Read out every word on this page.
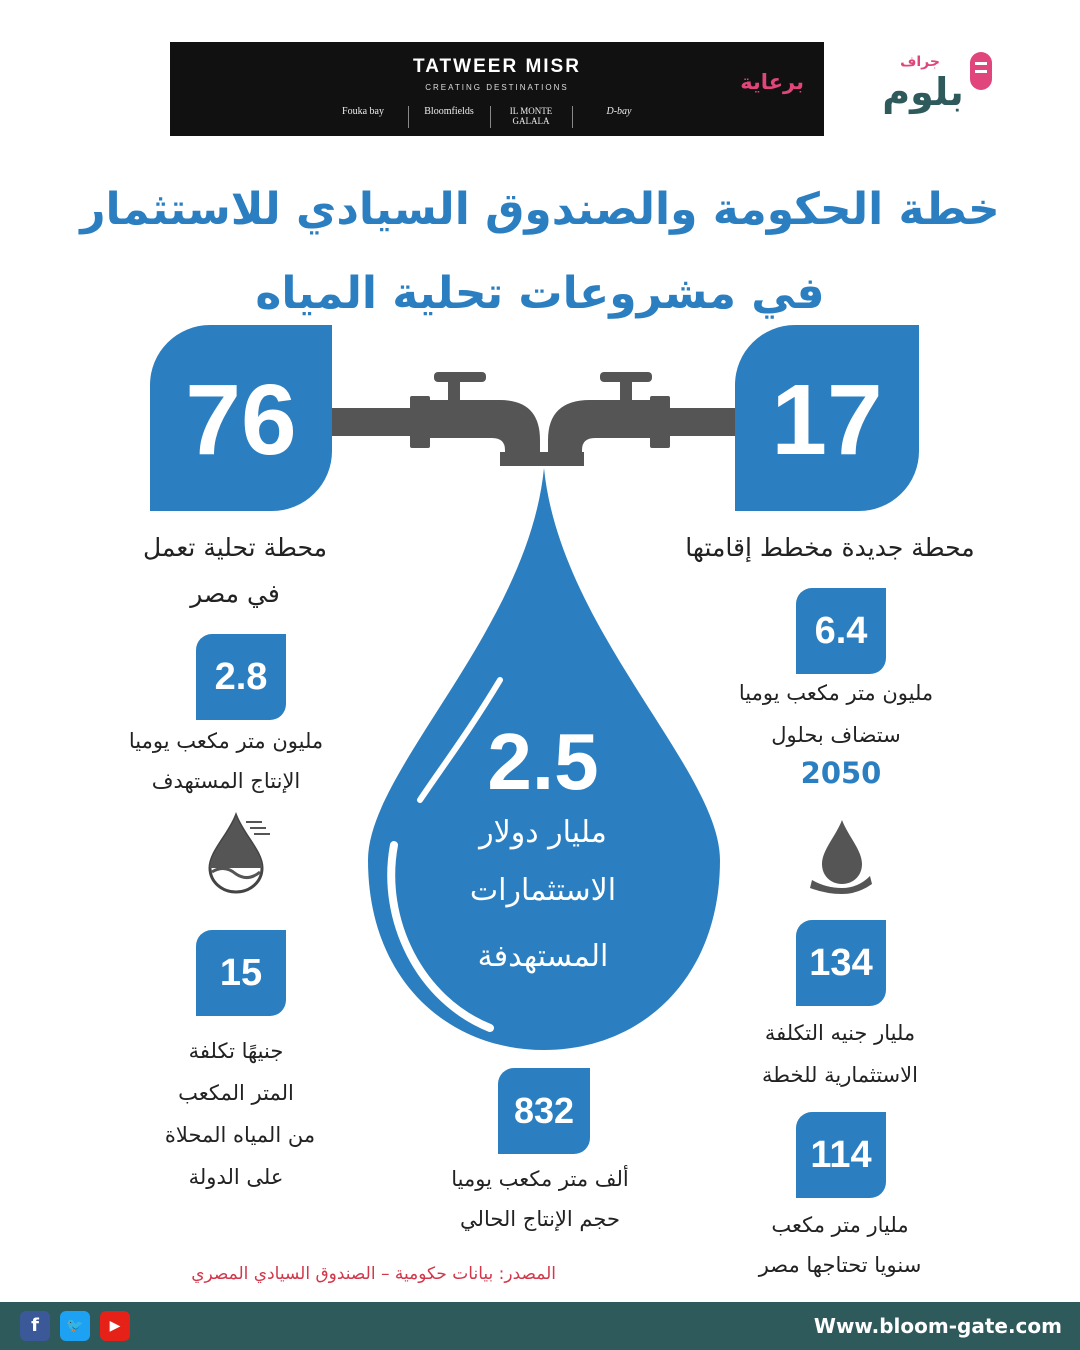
TATWEER MISR
CREATING DESTINATIONS
Fouka bay	Bloomfields	IL MONTE GALALA
D-bay
برعاية
جراف
بلوم
خطة الحكومة والصندوق السيادي للاستثمار
في مشروعات تحلية المياه
76
محطة تحلية تعمل
في مصر
17
محطة جديدة مخطط إقامتها
2.8
مليون متر مكعب يوميا
الإنتاج المستهدف
15
جنيهًا تكلفة
المتر المكعب
من المياه المحلاة
على الدولة
6.4
مليون متر مكعب يوميا
ستضاف بحلول
2050
134
مليار جنيه التكلفة
الاستثمارية للخطة
114
مليار متر مكعب
سنويا تحتاجها مصر
2.5
مليار دولار
الاستثمارات
المستهدفة
832
ألف متر مكعب يوميا
حجم الإنتاج الحالي
المصدر: بيانات حكومية – الصندوق السيادي المصري
f	🐦	▶	Www.bloom-gate.com
